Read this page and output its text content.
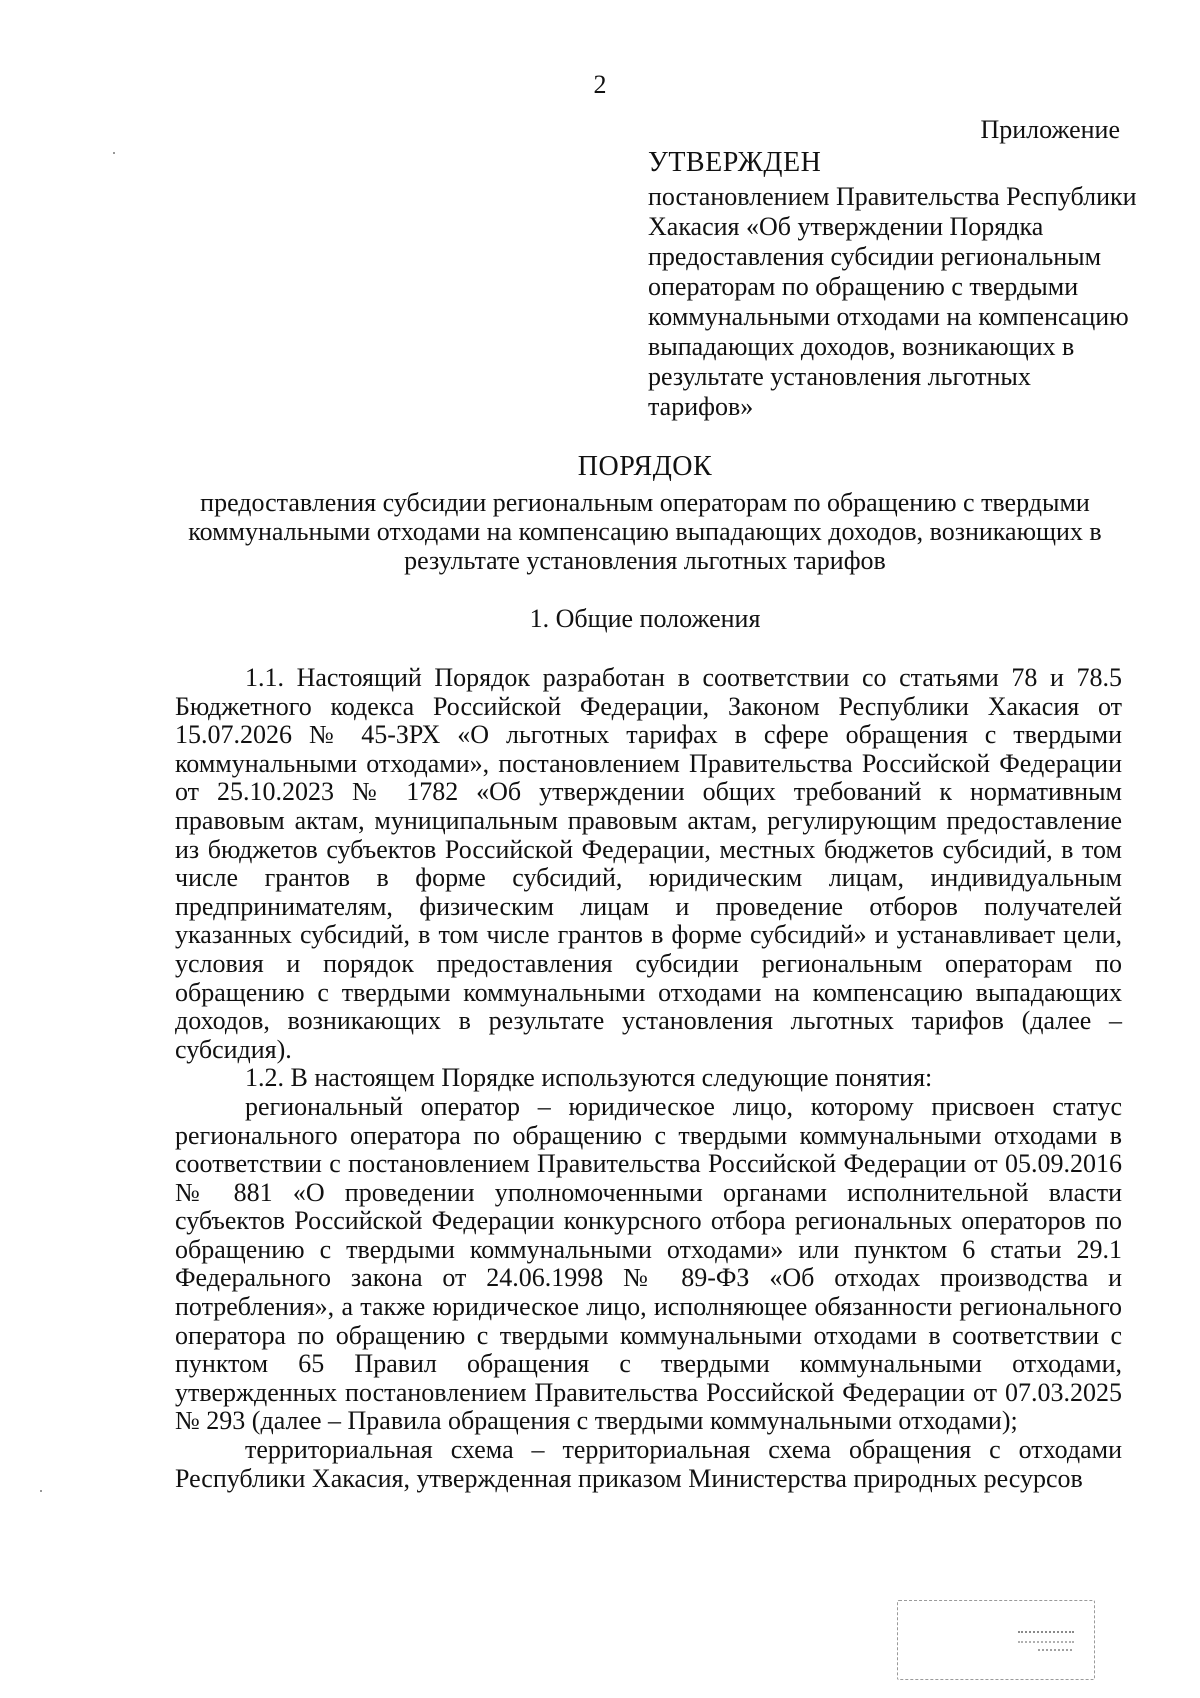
2
Приложение
УТВЕРЖДЕН

постановлением Правительства Республики Хакасия «Об утверждении Порядка предоставления субсидии региональным операторам по обращению с твердыми коммунальными отходами на компенсацию выпадающих доходов, возникающих в результате установления льготных тарифов»

ПОРЯДОК

предоставления субсидии региональным операторам по обращению с твердыми коммунальными отходами на компенсацию выпадающих доходов, возникающих в результате установления льготных тарифов

1. Общие положения

1.1. Настоящий Порядок разработан в соответствии со статьями 78 и 78.5 Бюджетного кодекса Российской Федерации, Законом Республики Хакасия от 15.07.2026 № 45-ЗРХ «О льготных тарифах в сфере обращения с твердыми коммунальными отходами», постановлением Правительства Российской Федерации от 25.10.2023 № 1782 «Об утверждении общих требований к нормативным правовым актам, муниципальным правовым актам, регулирующим предоставление из бюджетов субъектов Российской Федерации, местных бюджетов субсидий, в том числе грантов в форме субсидий, юридическим лицам, индивидуальным предпринимателям, физическим лицам и проведение отборов получателей указанных субсидий, в том числе грантов в форме субсидий» и устанавливает цели, условия и порядок предоставления субсидии региональным операторам по обращению с твердыми коммунальными отходами на компенсацию выпадающих доходов, возникающих в результате установления льготных тарифов (далее – субсидия).

1.2. В настоящем Порядке используются следующие понятия:

региональный оператор – юридическое лицо, которому присвоен статус регионального оператора по обращению с твердыми коммунальными отходами в соответствии с постановлением Правительства Российской Федерации от 05.09.2016 № 881 «О проведении уполномоченными органами исполнительной власти субъектов Российской Федерации конкурсного отбора региональных операторов по обращению с твердыми коммунальными отходами» или пунктом 6 статьи 29.1 Федерального закона от 24.06.1998 № 89-ФЗ «Об отходах производства и потребления», а также юридическое лицо, исполняющее обязанности регионального оператора по обращению с твердыми коммунальными отходами в соответствии с пунктом 65 Правил обращения с твердыми коммунальными отходами, утвержденных постановлением Правительства Российской Федерации от 07.03.2025 № 293 (далее – Правила обращения с твердыми коммунальными отходами);

территориальная схема – территориальная схема обращения с отходами Республики Хакасия, утвержденная приказом Министерства природных ресурсов
